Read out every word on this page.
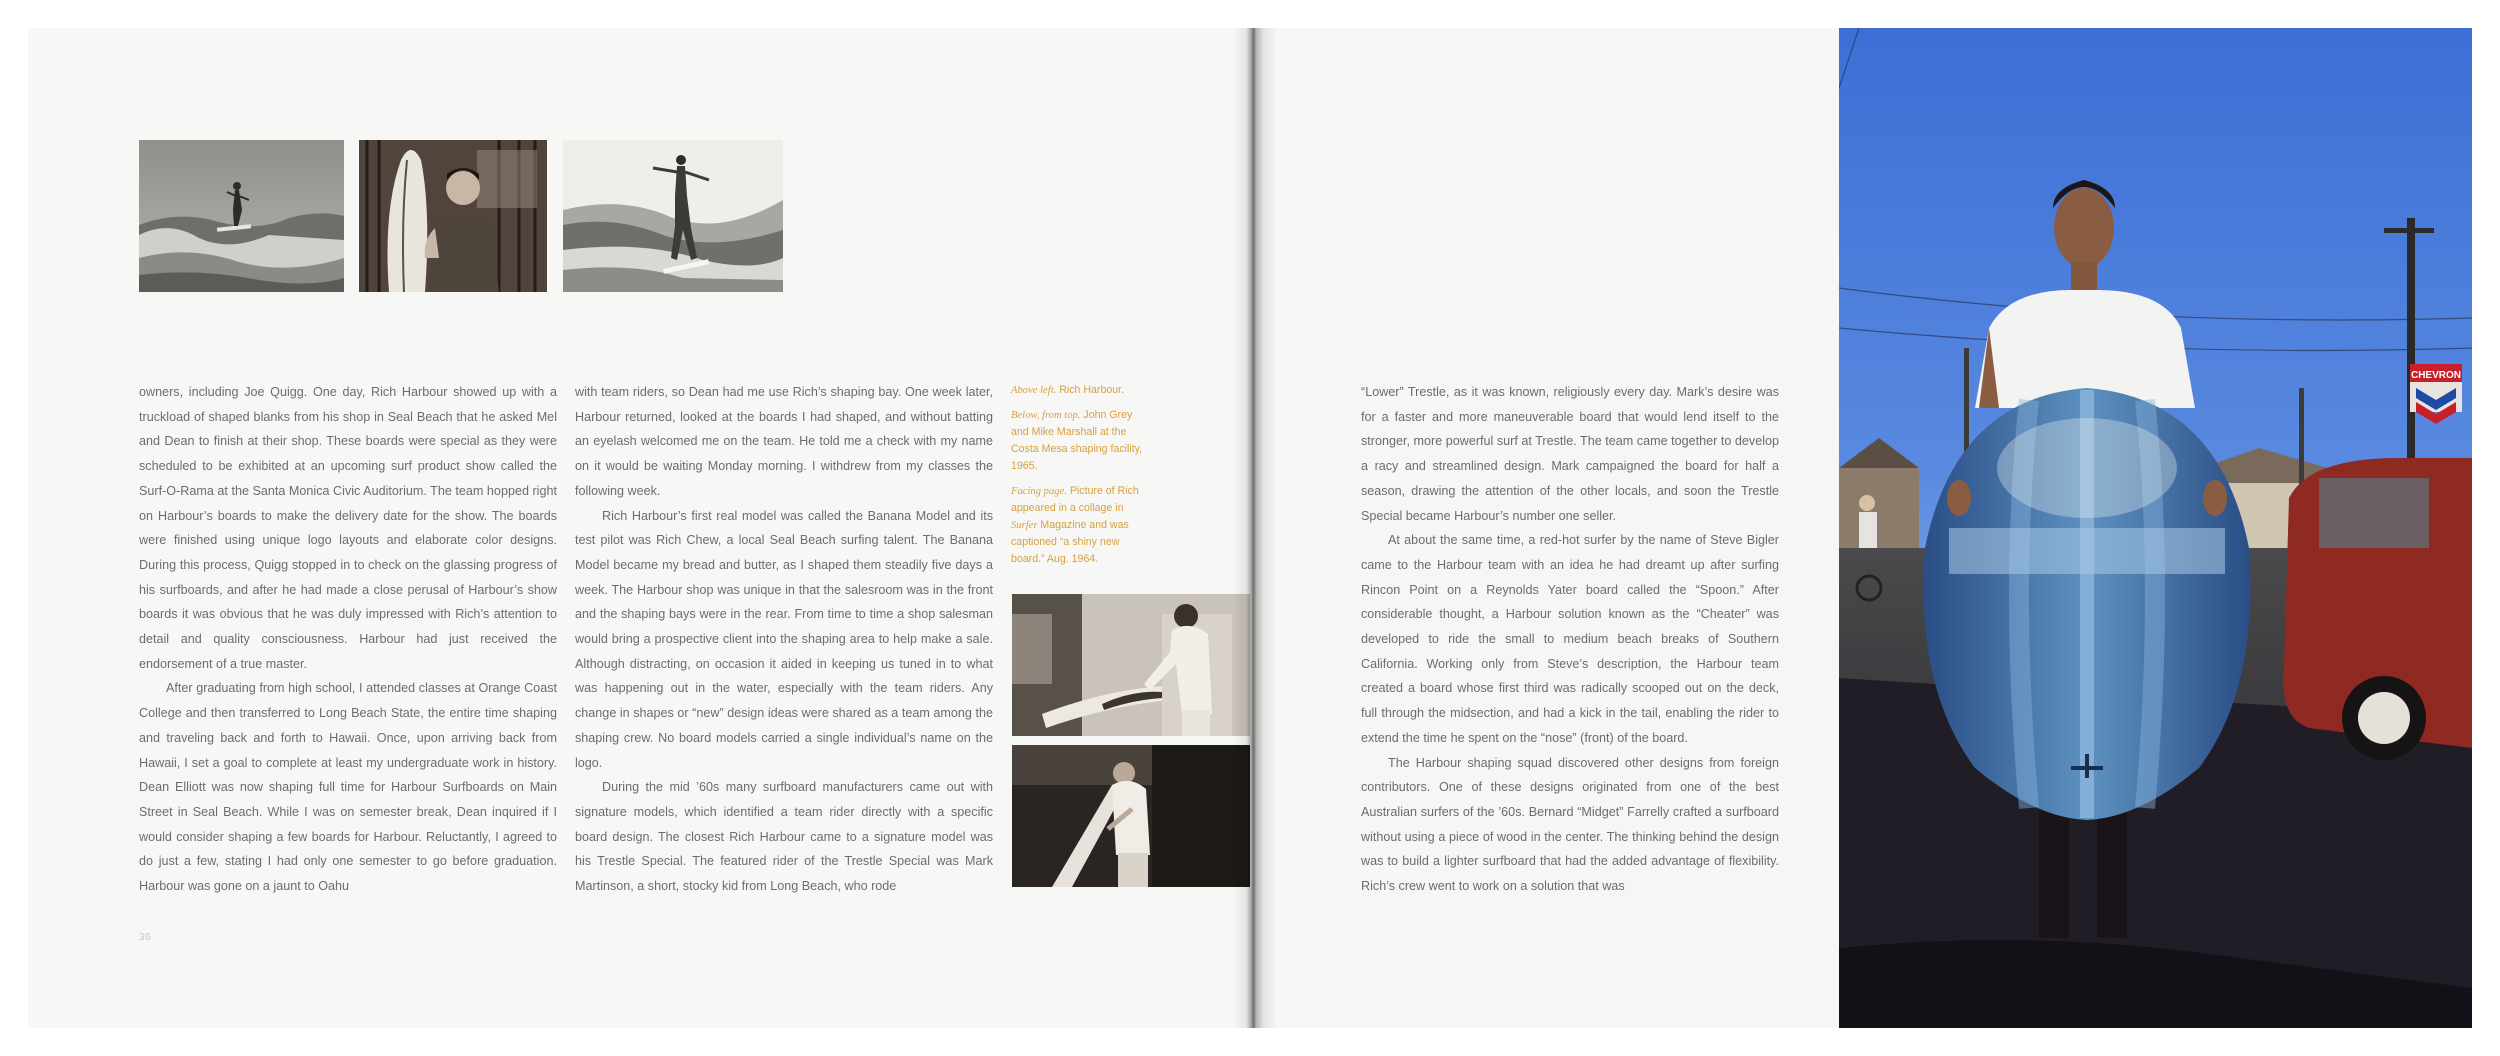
owners, including Joe Quigg. One day, Rich Harbour showed up with a truckload of shaped blanks from his shop in Seal Beach that he asked Mel and Dean to finish at their shop. These boards were special as they were scheduled to be exhibited at an upcoming surf product show called the Surf-O-Rama at the Santa Monica Civic Auditorium. The team hopped right on Harbour’s boards to make the delivery date for the show. The boards were finished using unique logo layouts and elaborate color designs. During this process, Quigg stopped in to check on the glassing progress of his surfboards, and after he had made a close perusal of Harbour’s show boards it was obvious that he was duly impressed with Rich’s attention to detail and quality consciousness. Harbour had just received the endorsement of a true master.

After graduating from high school, I attended classes at Orange Coast College and then transferred to Long Beach State, the entire time shaping and traveling back and forth to Hawaii. Once, upon arriving back from Hawaii, I set a goal to complete at least my undergraduate work in history. Dean Elliott was now shaping full time for Harbour Surfboards on Main Street in Seal Beach. While I was on semester break, Dean inquired if I would consider shaping a few boards for Harbour. Reluctantly, I agreed to do just a few, stating I had only one semester to go before graduation. Harbour was gone on a jaunt to Oahu

with team riders, so Dean had me use Rich’s shaping bay. One week later, Harbour returned, looked at the boards I had shaped, and without batting an eyelash welcomed me on the team. He told me a check with my name on it would be waiting Monday morning. I withdrew from my classes the following week.

Rich Harbour’s first real model was called the Banana Model and its test pilot was Rich Chew, a local Seal Beach surfing talent. The Banana Model became my bread and butter, as I shaped them steadily five days a week. The Harbour shop was unique in that the salesroom was in the front and the shaping bays were in the rear. From time to time a shop salesman would bring a prospective client into the shaping area to help make a sale. Although distracting, on occasion it aided in keeping us tuned in to what was happening out in the water, especially with the team riders. Any change in shapes or “new” design ideas were shared as a team among the shaping crew. No board models carried a single individual’s name on the logo.

During the mid ’60s many surfboard manufacturers came out with signature models, which identified a team rider directly with a specific board design. The closest Rich Harbour came to a signature model was his Trestle Special. The featured rider of the Trestle Special was Mark Martinson, a short, stocky kid from Long Beach, who rode

Above left. Rich Harbour.

Below, from top. John Grey and Mike Marshall at the Costa Mesa shaping facility, 1965.

Facing page. Picture of Rich appeared in a collage in Surfer Magazine and was captioned “a shiny new board.” Aug. 1964.

36

“Lower” Trestle, as it was known, religiously every day. Mark’s desire was for a faster and more maneuverable board that would lend itself to the stronger, more powerful surf at Trestle. The team came together to develop a racy and streamlined design. Mark campaigned the board for half a season, drawing the attention of the other locals, and soon the Trestle Special became Harbour’s number one seller.

At about the same time, a red-hot surfer by the name of Steve Bigler came to the Harbour team with an idea he had dreamt up after surfing Rincon Point on a Reynolds Yater board called the “Spoon.” After considerable thought, a Harbour solution known as the “Cheater” was developed to ride the small to medium beach breaks of Southern California. Working only from Steve’s description, the Harbour team created a board whose first third was radically scooped out on the deck, full through the midsection, and had a kick in the tail, enabling the rider to extend the time he spent on the “nose” (front) of the board.

The Harbour shaping squad discovered other designs from foreign contributors. One of these designs originated from one of the best Australian surfers of the ’60s. Bernard “Midget” Farrelly crafted a surfboard without using a piece of wood in the center. The thinking behind the design was to build a lighter surfboard that had the added advantage of flexibility. Rich’s crew went to work on a solution that was

CHEVRON
